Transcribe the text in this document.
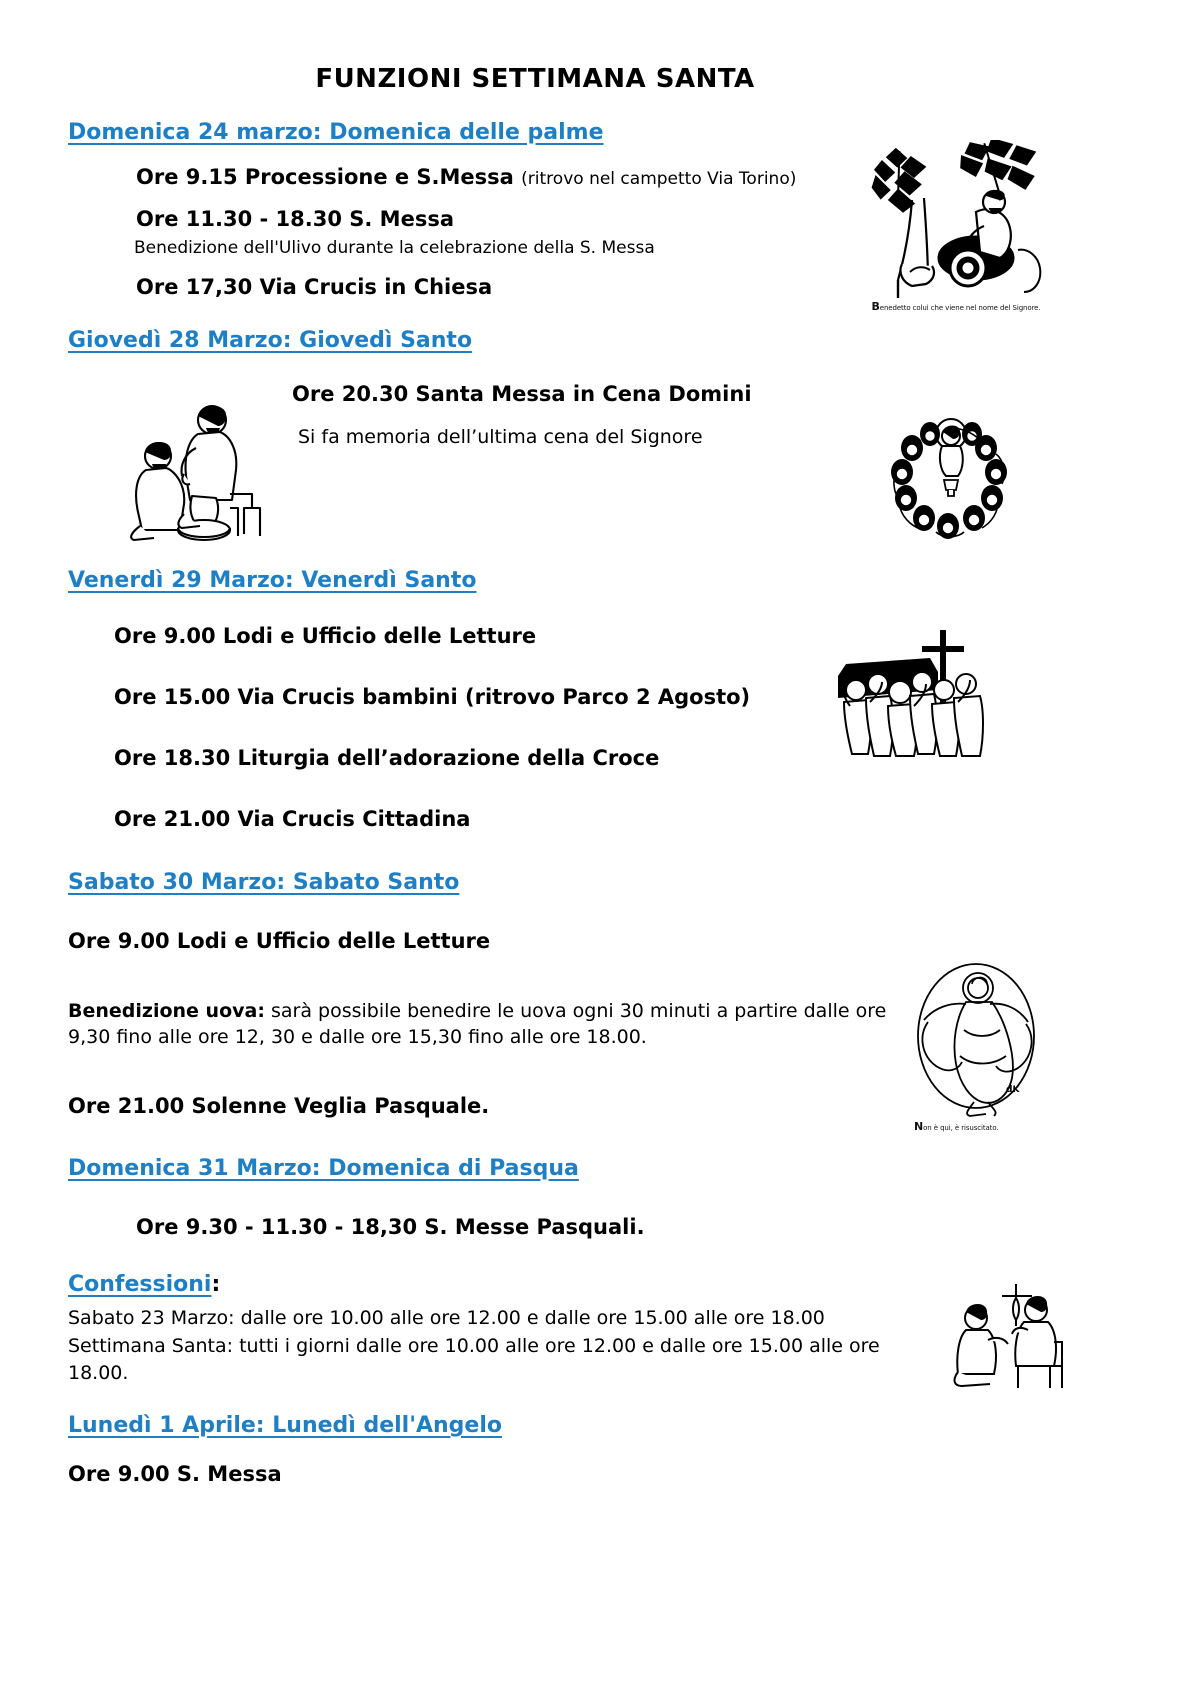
FUNZIONI SETTIMANA SANTA
Domenica 24 marzo: Domenica delle palme
Ore 9.15 Processione e S.Messa (ritrovo nel campetto Via Torino)
Ore 11.30 - 18.30 S. Messa
Benedizione dell'Ulivo durante la celebrazione della S. Messa
Ore 17,30 Via Crucis in Chiesa
Giovedì 28 Marzo: Giovedì Santo
Ore 20.30 Santa Messa in Cena Domini
Si fa memoria dell’ultima cena del Signore
Venerdì 29 Marzo: Venerdì Santo
Ore 9.00 Lodi e Ufficio delle Letture
Ore 15.00 Via Crucis bambini (ritrovo Parco 2 Agosto)
Ore 18.30 Liturgia dell’adorazione della Croce
Ore 21.00 Via Crucis Cittadina
Sabato 30 Marzo: Sabato Santo
Ore 9.00 Lodi e Ufficio delle Letture
Benedizione uova: sarà possibile benedire le uova ogni 30 minuti a partire dalle ore 9,30 fino alle ore 12, 30 e dalle ore 15,30 fino alle ore 18.00.
Ore 21.00 Solenne Veglia Pasquale.
Domenica 31 Marzo: Domenica di Pasqua
Ore 9.30 - 11.30 - 18,30 S. Messe Pasquali.
Confessioni:
Sabato 23 Marzo: dalle ore 10.00 alle ore 12.00 e dalle ore 15.00 alle ore 18.00
Settimana Santa: tutti i giorni dalle ore 10.00 alle ore 12.00 e dalle ore 15.00 alle ore 18.00.
Lunedì 1 Aprile: Lunedì dell'Angelo
Ore 9.00 S. Messa
Benedetto colui che viene nel nome del Signore.
dK
Non è qui, è risuscitato.
